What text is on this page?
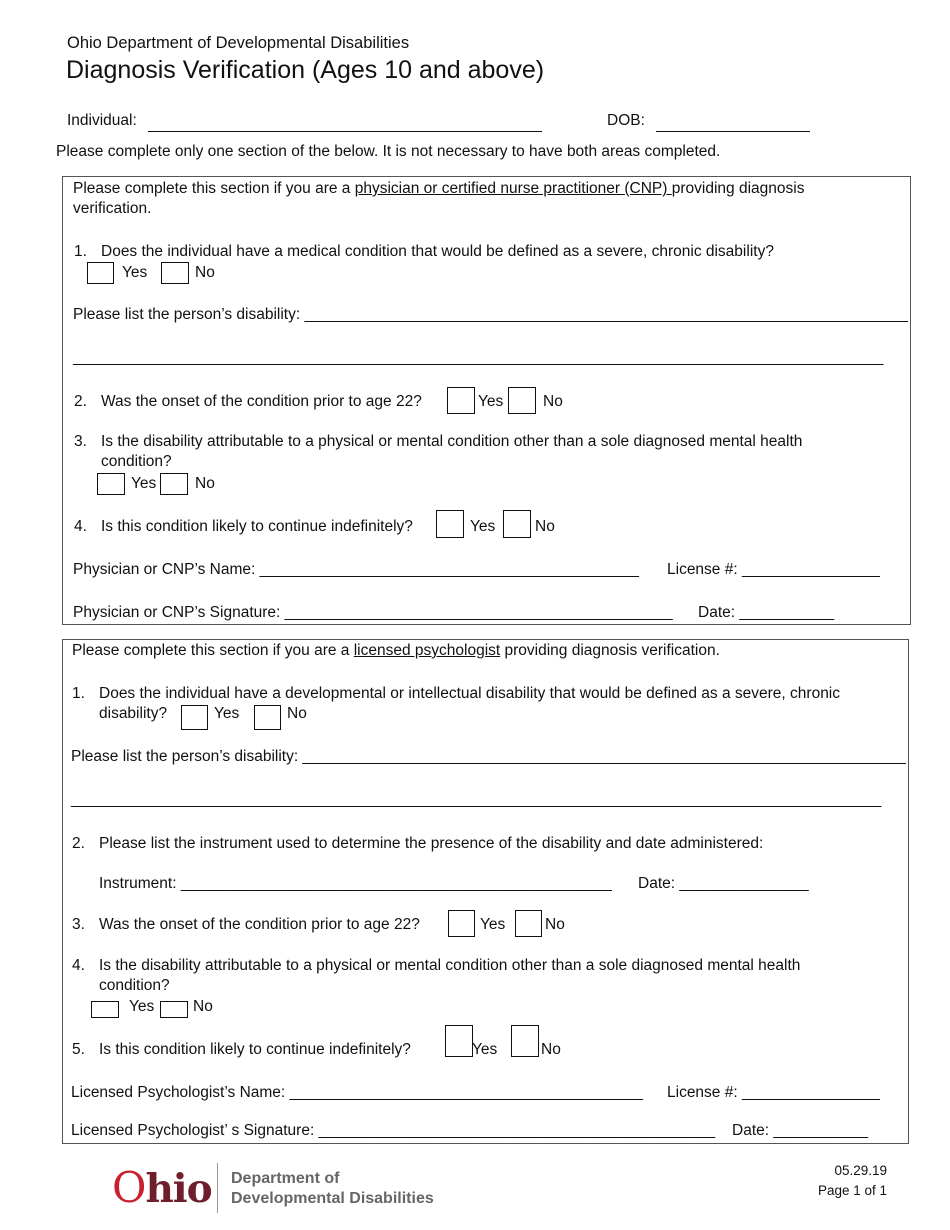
Ohio Department of Developmental Disabilities
Diagnosis Verification (Ages 10 and above)
Individual:	DOB:
Please complete only one section of the below. It is not necessary to have both areas completed.
Please complete this section if you are a physician or certified nurse practitioner (CNP) providing diagnosis
verification.
1. Does the individual have a medical condition that would be defined as a severe, chronic disability?
Yes	No
Please list the person’s disability: ______________________________________________________________________
______________________________________________________________________________________________
2. Was the onset of the condition prior to age 22?	Yes	No
3. Is the disability attributable to a physical or mental condition other than a sole diagnosed mental health
condition?
Yes No
4. Is this condition likely to continue indefinitely?	Yes	No
Physician or CNP’s Name: ____________________________________________ License #: ________________
Physician or CNP’s Signature: _____________________________________________ Date: ___________
Please complete this section if you are a licensed psychologist providing diagnosis verification.
1. Does the individual have a developmental or intellectual disability that would be defined as a severe, chronic
disability?	Yes	No
Please list the person’s disability: ______________________________________________________________________
______________________________________________________________________________________________
2. Please list the instrument used to determine the presence of the disability and date administered:
Instrument: __________________________________________________ Date: _______________
3. Was the onset of the condition prior to age 22?	Yes	No
4. Is the disability attributable to a physical or mental condition other than a sole diagnosed mental health
condition?
Yes No
5. Is this condition likely to continue indefinitely?	Yes	No
Licensed Psychologist’s Name: _________________________________________ License #: ________________
Licensed Psychologist’ s Signature: ______________________________________________ Date: ___________
Ohio Department of
Developmental Disabilities
05.29.19
Page 1 of 1
